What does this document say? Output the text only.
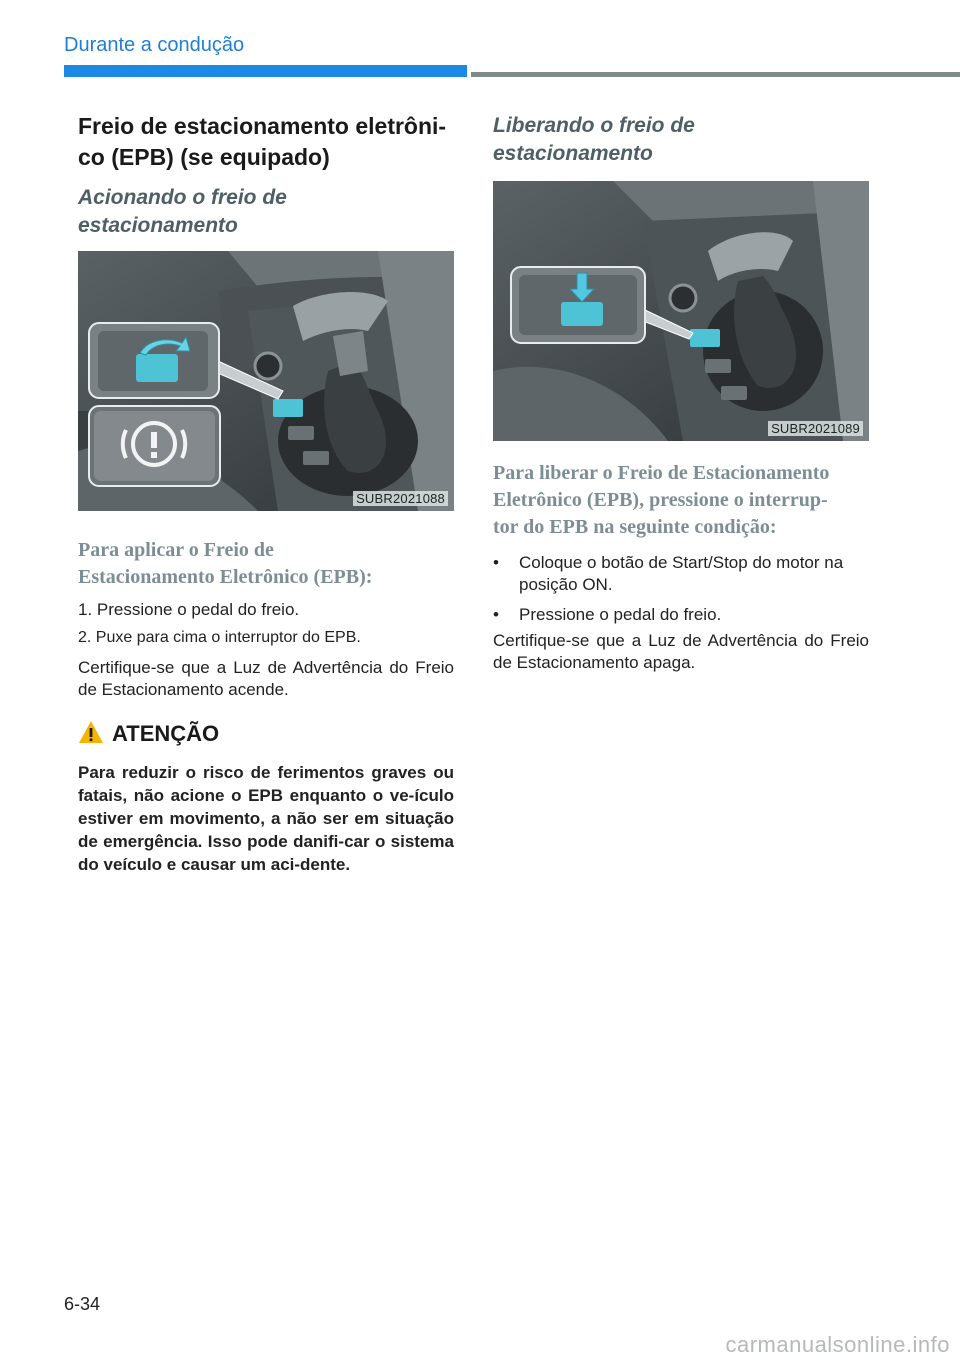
Durante a condução
Freio de estacionamento eletrôni-
co (EPB) (se equipado)
Acionando o freio de
estacionamento
SUBR2021088
Para aplicar o Freio de
Estacionamento Eletrônico (EPB):
1. Pressione o pedal do freio.
2. Puxe para cima o interruptor do EPB.
Certifique-se que a Luz de Advertência do Freio de Estacionamento acende.
ATENÇÃO
Para reduzir o risco de ferimentos graves ou fatais, não acione o EPB enquanto o ve-ículo estiver em movimento, a não ser em situação de emergência. Isso pode danifi-car o sistema do veículo e causar um aci-dente.
Liberando o freio de
estacionamento
SUBR2021089
Para liberar o Freio de Estacionamento
Eletrônico (EPB), pressione o interrup-
tor do EPB na seguinte condição:
• Coloque o botão de Start/Stop do motor na posição ON.
• Pressione o pedal do freio.
Certifique-se que a Luz de Advertência do Freio de Estacionamento apaga.
6-34
carmanualsonline.info
